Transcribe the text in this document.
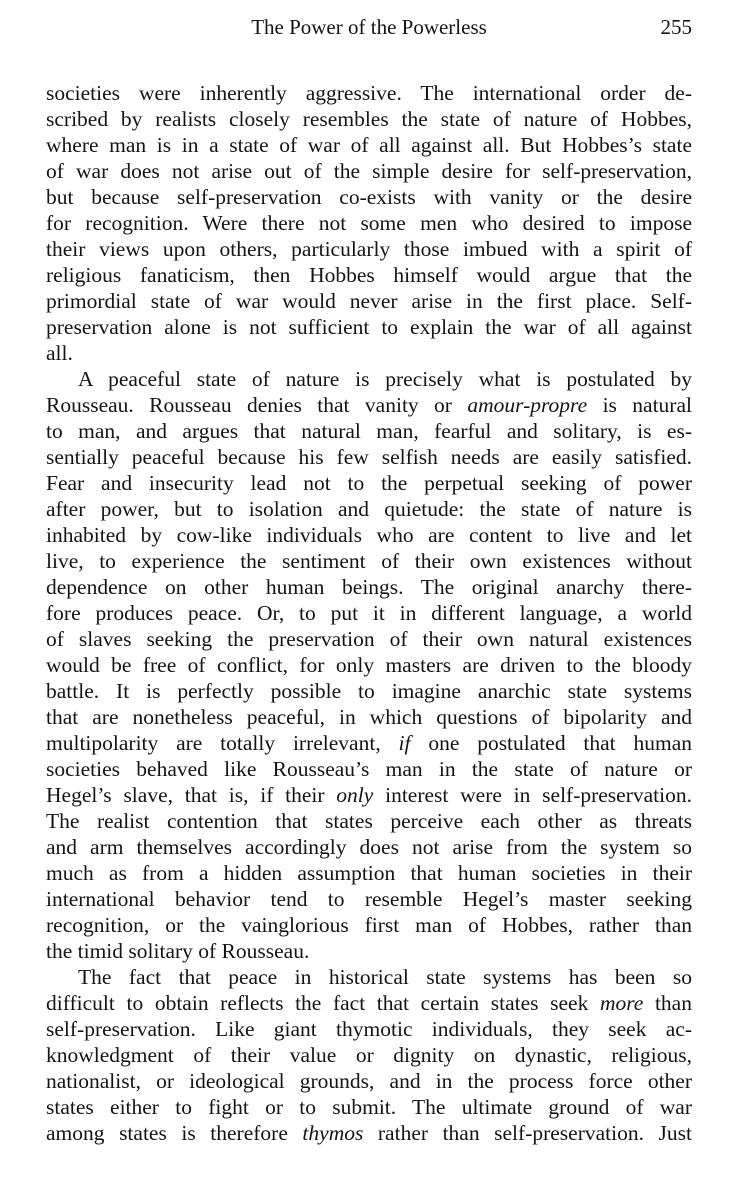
The Power of the Powerless	255
societies were inherently aggressive. The international order de-
scribed by realists closely resembles the state of nature of Hobbes,
where man is in a state of war of all against all. But Hobbes’s state
of war does not arise out of the simple desire for self-preservation,
but because self-preservation co-exists with vanity or the desire
for recognition. Were there not some men who desired to impose
their views upon others, particularly those imbued with a spirit of
religious fanaticism, then Hobbes himself would argue that the
primordial state of war would never arise in the first place. Self-
preservation alone is not sufficient to explain the war of all against
all.
A peaceful state of nature is precisely what is postulated by
Rousseau. Rousseau denies that vanity or amour-propre is natural
to man, and argues that natural man, fearful and solitary, is es-
sentially peaceful because his few selfish needs are easily satisfied.
Fear and insecurity lead not to the perpetual seeking of power
after power, but to isolation and quietude: the state of nature is
inhabited by cow-like individuals who are content to live and let
live, to experience the sentiment of their own existences without
dependence on other human beings. The original anarchy there-
fore produces peace. Or, to put it in different language, a world
of slaves seeking the preservation of their own natural existences
would be free of conflict, for only masters are driven to the bloody
battle. It is perfectly possible to imagine anarchic state systems
that are nonetheless peaceful, in which questions of bipolarity and
multipolarity are totally irrelevant, if one postulated that human
societies behaved like Rousseau’s man in the state of nature or
Hegel’s slave, that is, if their only interest were in self-preservation.
The realist contention that states perceive each other as threats
and arm themselves accordingly does not arise from the system so
much as from a hidden assumption that human societies in their
international behavior tend to resemble Hegel’s master seeking
recognition, or the vainglorious first man of Hobbes, rather than
the timid solitary of Rousseau.
The fact that peace in historical state systems has been so
difficult to obtain reflects the fact that certain states seek more than
self-preservation. Like giant thymotic individuals, they seek ac-
knowledgment of their value or dignity on dynastic, religious,
nationalist, or ideological grounds, and in the process force other
states either to fight or to submit. The ultimate ground of war
among states is therefore thymos rather than self-preservation. Just
